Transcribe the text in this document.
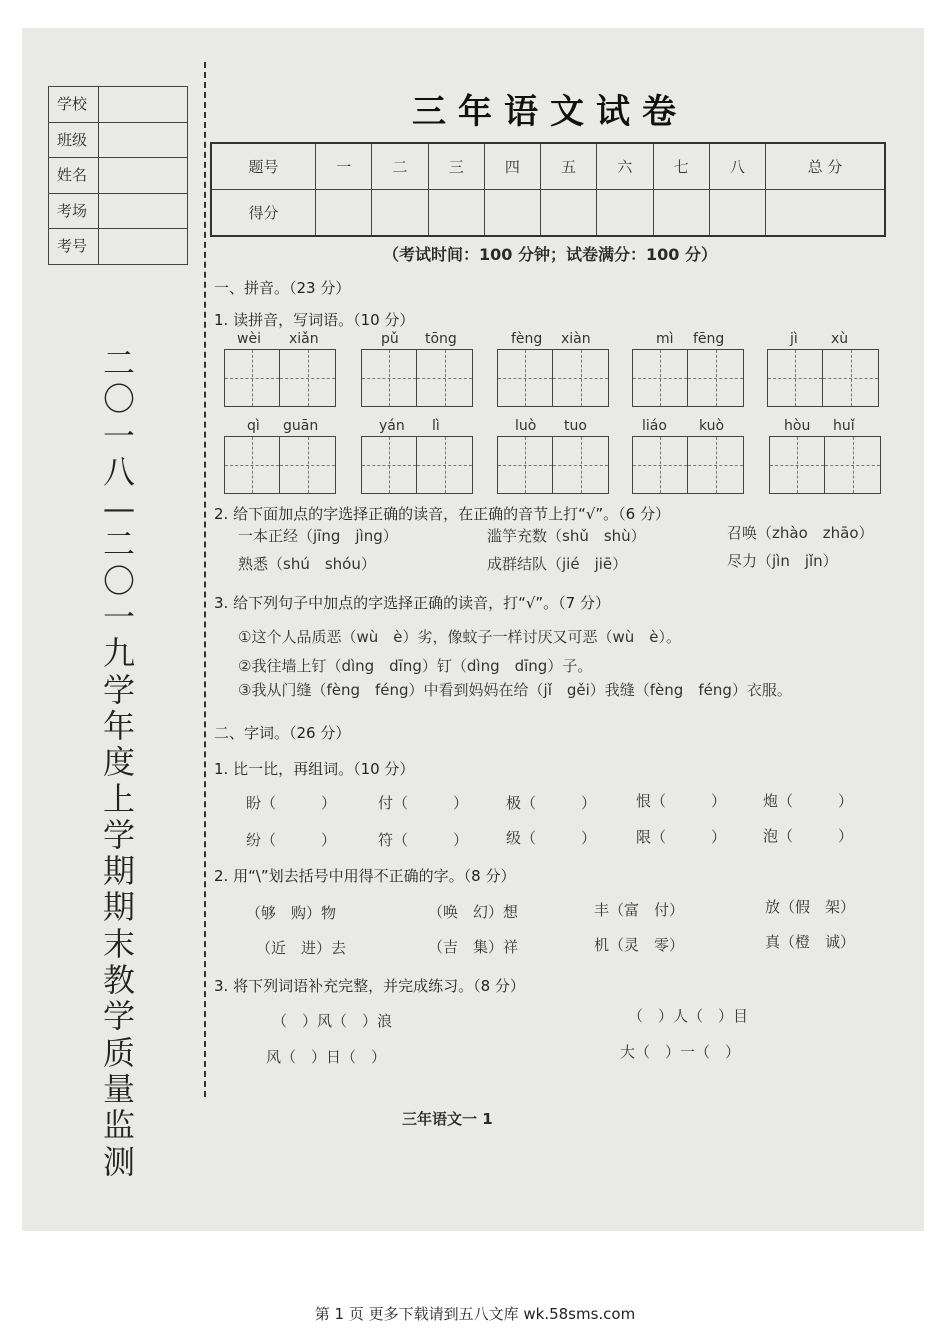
学校
班级
姓名
考场
考号
二〇一八—二〇一九学年度上学期期末教学质量监测
三年语文试卷
题号	一	二	三	四	五	六	七	八	总 分
得分									
（考试时间：100 分钟；试卷满分：100 分）
一、拼音。（23 分）
1. 读拼音，写词语。（10 分）
wèi xiǎn	pǔ tōng	fèng xiàn	mì fēng	jì xù
qì guān	yán lì	luò tuo	liáo kuò	hòu huǐ
2. 给下面加点的字选择正确的读音，在正确的音节上打“√”。（6 分）
一本正经（jīng　jìng）	滥竽充数（shǔ　shù）	召唤（zhào　zhāo）
熟悉（shú　shóu）	成群结队（jié　jiē）	尽力（jìn　jǐn）
3. 给下列句子中加点的字选择正确的读音，打“√”。（7 分）
①这个人品质恶（wù　è）劣，像蚊子一样讨厌又可恶（wù　è）。
②我往墙上钉（dìng　dīng）钉（dìng　dīng）子。
③我从门缝（fèng　féng）中看到妈妈在给（jǐ　gěi）我缝（fèng　féng）衣服。
二、字词。（26 分）
1. 比一比，再组词。（10 分）
盼（　　　）	付（　　　）	极（　　　）	恨（　　　） 炮（　　　）
纷（　　　）	符（　　　）	级（　　　）	限（　　　） 泡（　　　）
2. 用“\”划去括号中用得不正确的字。（8 分）
（够　购）物	（唤　幻）想	丰（富　付）	放（假　架）
（近　进）去	（吉　集）祥	机（灵　零）	真（橙　诚）
3. 将下列词语补充完整，并完成练习。（8 分）
（　）风（　）浪	（　）人（　）目
风（　）日（　）	大（　）一（　）
三年语文一 1
第 1 页 更多下载请到五八文库 wk.58sms.com
